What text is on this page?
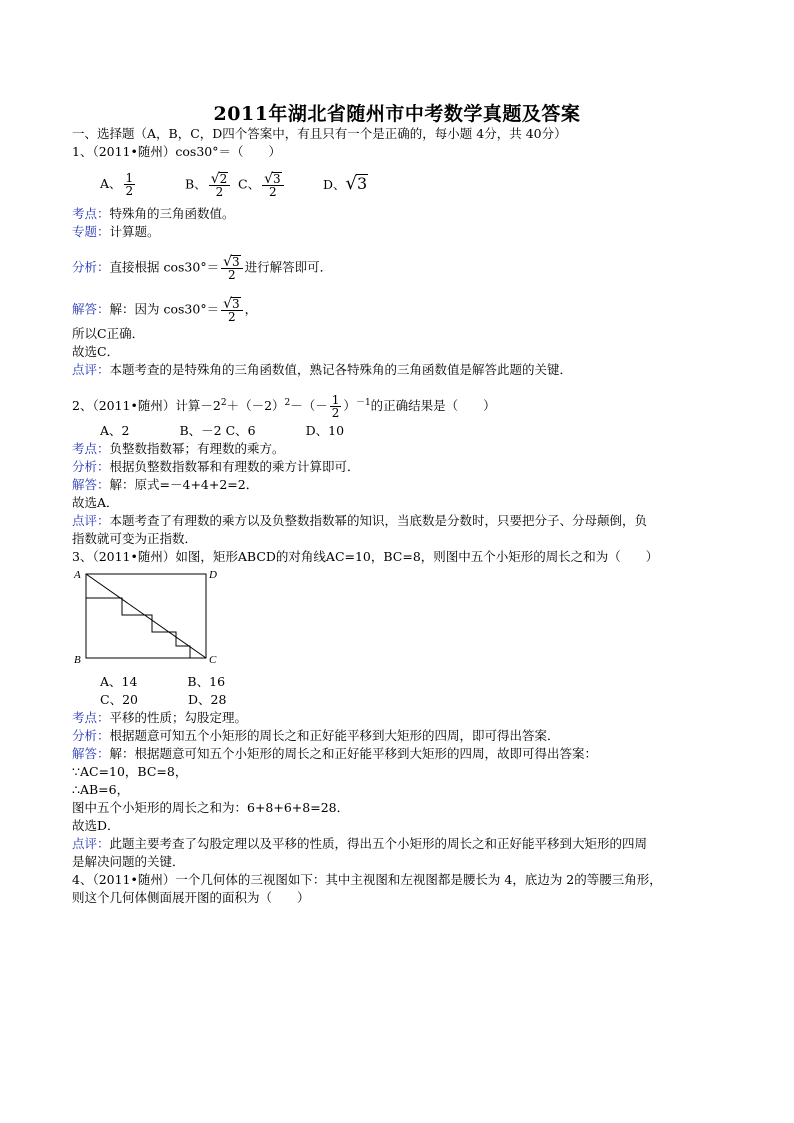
2011年湖北省随州市中考数学真题及答案
一、选择题（A，B，C，D四个答案中，有且只有一个是正确的，每小题 4分，共 40分）
1、（2011•随州）cos30°＝（　　）
A、 $\frac{1}{2}$	B、 $\frac{√2}{2}$ C、 $\frac{√3}{2}$	D、√3
考点：特殊角的三角函数值。
专题：计算题。
分析：直接根据 $\cos 30^\circ= \frac{√3}{2}$ 进行解答即可．
解答：解：因为 $\cos 30^\circ= \frac{√3}{2}$ ，
所以C正确．
故选C．
点评：本题考查的是特殊角的三角函数值，熟记各特殊角的三角函数值是解答此题的关键．
2、（2011•随州）计算$-2^2+(-2)^2-(- \frac{1}{2} )^{-1}$的正确结果是（　　）
A、2　　　　B、－2 C、6　　　　D、10
考点：负整数指数幂；有理数的乘方。
分析：根据负整数指数幂和有理数的乘方计算即可．
解答：解：原式=－4+4+2=2．
故选A．
点评：本题考查了有理数的乘方以及负整数指数幂的知识，当底数是分数时，只要把分子、分母颠倒，负
指数就可变为正指数．
3、（2011•随州）如图，矩形ABCD的对角线AC=10，BC=8，则图中五个小矩形的周长之和为（　　）
A	D
B	C
A、14　　　　B、16
C、20　　　　D、28
考点：平移的性质；勾股定理。
分析：根据题意可知五个小矩形的周长之和正好能平移到大矩形的四周，即可得出答案．
解答：解：根据题意可知五个小矩形的周长之和正好能平移到大矩形的四周，故即可得出答案：
∵AC=10，BC=8，
∴AB=6，
图中五个小矩形的周长之和为：6+8+6+8=28．
故选D．
点评：此题主要考查了勾股定理以及平移的性质，得出五个小矩形的周长之和正好能平移到大矩形的四周
是解决问题的关键．
4、（2011•随州）一个几何体的三视图如下：其中主视图和左视图都是腰长为 4，底边为 2的等腰三角形，
则这个几何体侧面展开图的面积为（　　）
